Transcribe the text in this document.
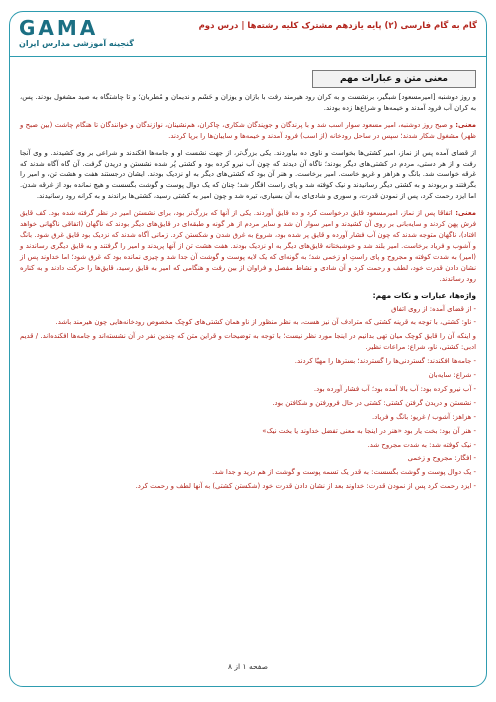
GAMA
گنجینه آموزشی مدارس ایران
گام به گام فارسی (۲) پایه یازدهم مشترک کلیه رشته‌ها | درس دوم
معنی متن و عبارات مهم

و روز دوشنبه [امیرمسعود] شبگیر، برنشست و به کران رود هیرمند رفت با بازان و یوزان و حَشَم و ندیمان و مُطربان؛ و تا چاشتگاه به صید مشغول بودند. پس، به کران آب فرود آمدند و خیمه‌ها و شراع‌ها زده بودند.

معنی: و صبح روز دوشنبه، امیر مسعود سوار اسب شد و با پرندگان و جویندگان شکاری، چاکران، هم‌نشینان، نوازندگان و خوانندگان تا هنگام چاشت (بین صبح و ظهر) مشغول شکار شدند؛ سپس در ساحل رود‌خانه (از اسب) فرود آمدند و خیمه‌ها و سایبان‌ها را برپا کردند.

از قضای آمده پس از نماز، امیر کشتی‌ها بخواست و ناوی ده بیاوردند. یکی بزرگ‌تر، از جهت نشست او و جامه‌ها افکندند و شراعی بر وی کشیدند. و وی آنجا رفت و از هر دستی، مردم در کشتی‌های دیگر بودند؛ ناگاه آن دیدند که چون آب نیرو کرده بود و کشتی پُر شده نشستن و دریدن گرفت. آن گاه آگاه شدند که غرقه خواست شد. بانگ و هزاهز و غریو خاست. امیر برخاست. و هنر آن بود که کشتی‌های دیگر به او نزدیک بودند. ایشان درجستند هفت و هشت تن، و امیر را بگرفتند و بربودند و به کشتی دیگر رسانیدند و نیک کوفته شد و پای راست افگار شد؛ چنان که یک دوال پوست و گوشت بگسست و هیچ نمانده بود از غرقه شدن. اما ایزد رحمت کرد، پس از نمودن قدرت، و سوری و شادی‌ای به آن بسیاری، تیره شد و چون امیر به کشتی رسید، کشتی‌ها براندند و به کرانه رود رسانیدند.

معنی: اتفاقا پس از نماز، امیرمسعود قایق درخواست کرد و ده قایق آوردند. یکی از آنها که بزرگ‌تر بود، برای نشستن امیر در نظر گرفته شده بود. کف قایق فرش پهن کردند و سایه‌بانی بر روی آن کشیدند و امیر سوار آن شد و سایر مردم از هر گونه و طبقه‌ای در قایق‌های دیگر بودند که ناگهان (اتفاقی ناگهانی خواهد افتاد)، ناگهان متوجه شدند که چون آب فشار آورده و قایق پر شده بود، شروع به غرق شدن و شکستن کرد. زمانی آگاه شدند که نزدیک بود قایق غرق شود. بانگ و آشوب و فریاد برخاست. امیر بلند شد و خوشبختانه قایق‌های دیگر به او نزدیک بودند. هفت هشت تن از آنها پریدند و امیر را گرفتند و به قایق دیگری رساندند و (امیر) به شدت کوفته و مجروح و پای راستِ او زخمی شد؛ به گونه‌ای که یک لایه پوست و گوشت آن جدا شد و چیزی نمانده بود که غرق شود؛ اما خداوند پس از نشان دادن قدرت خود، لطف و رحمت کرد و آن شادی و نشاط مفصل و فراوان از بین رفت و هنگامی که امیر به قایق رسید، قایق‌ها را حرکت دادند و به کناره رود رساندند.

واژه‌ها، عبارات و نکات مهم:

- از قضای آمده: از روی اتفاق

- ناو: کشتی، با توجه به قرینه کشتی که مترادف آن نیز هست، به نظر منظور از ناو همان کشتی‌های کوچک مخصوص رودخانه‌هایی چون هیرمند باشد.

و اینکه آن را قایق کوچک میان تهی بدانیم در اینجا مورد نظر نیست؛ با توجه به توضیحات و قراین متن که چندین نفر در آن نشسته‌اند و جامه‌ها افکنده‌اند. / قدیم ادبی: کشتی، ناو، شراع: مراعات نظیر.

- جامه‌ها افکندند: گستردنی‌ها را گستردند؛ بسترها را مهیّا کردند.

- شراع: سایه‌بان

- آب نیرو کرده بود: آب بالا آمده بود؛ آب فشار آورده بود.

- نشستن و دریدن گرفتن کشتی: کشتی در حال فرورفتن و شکافتن بود.

- هزاهز: آشوب / غریو: بانگ و فریاد.

- هنر آن بود: بخت یار بود «هنر در اینجا به معنی تفضل خداوند یا بخت نیک»

- نیک کوفته شد: به شدت مجروح شد.

- افگار: مجروح و زخمی

- یک دوال پوست و گوشت بگسست: به قدر یک تسمه پوست و گوشت از هم درید و جدا شد.

- ایزد رحمت کرد پس از نمودن قدرت: خداوند بعد از نشان دادن قدرت خود (شکستن کشتی) به آنها لطف و رحمت کرد.

صفحه ۱ از ۸
